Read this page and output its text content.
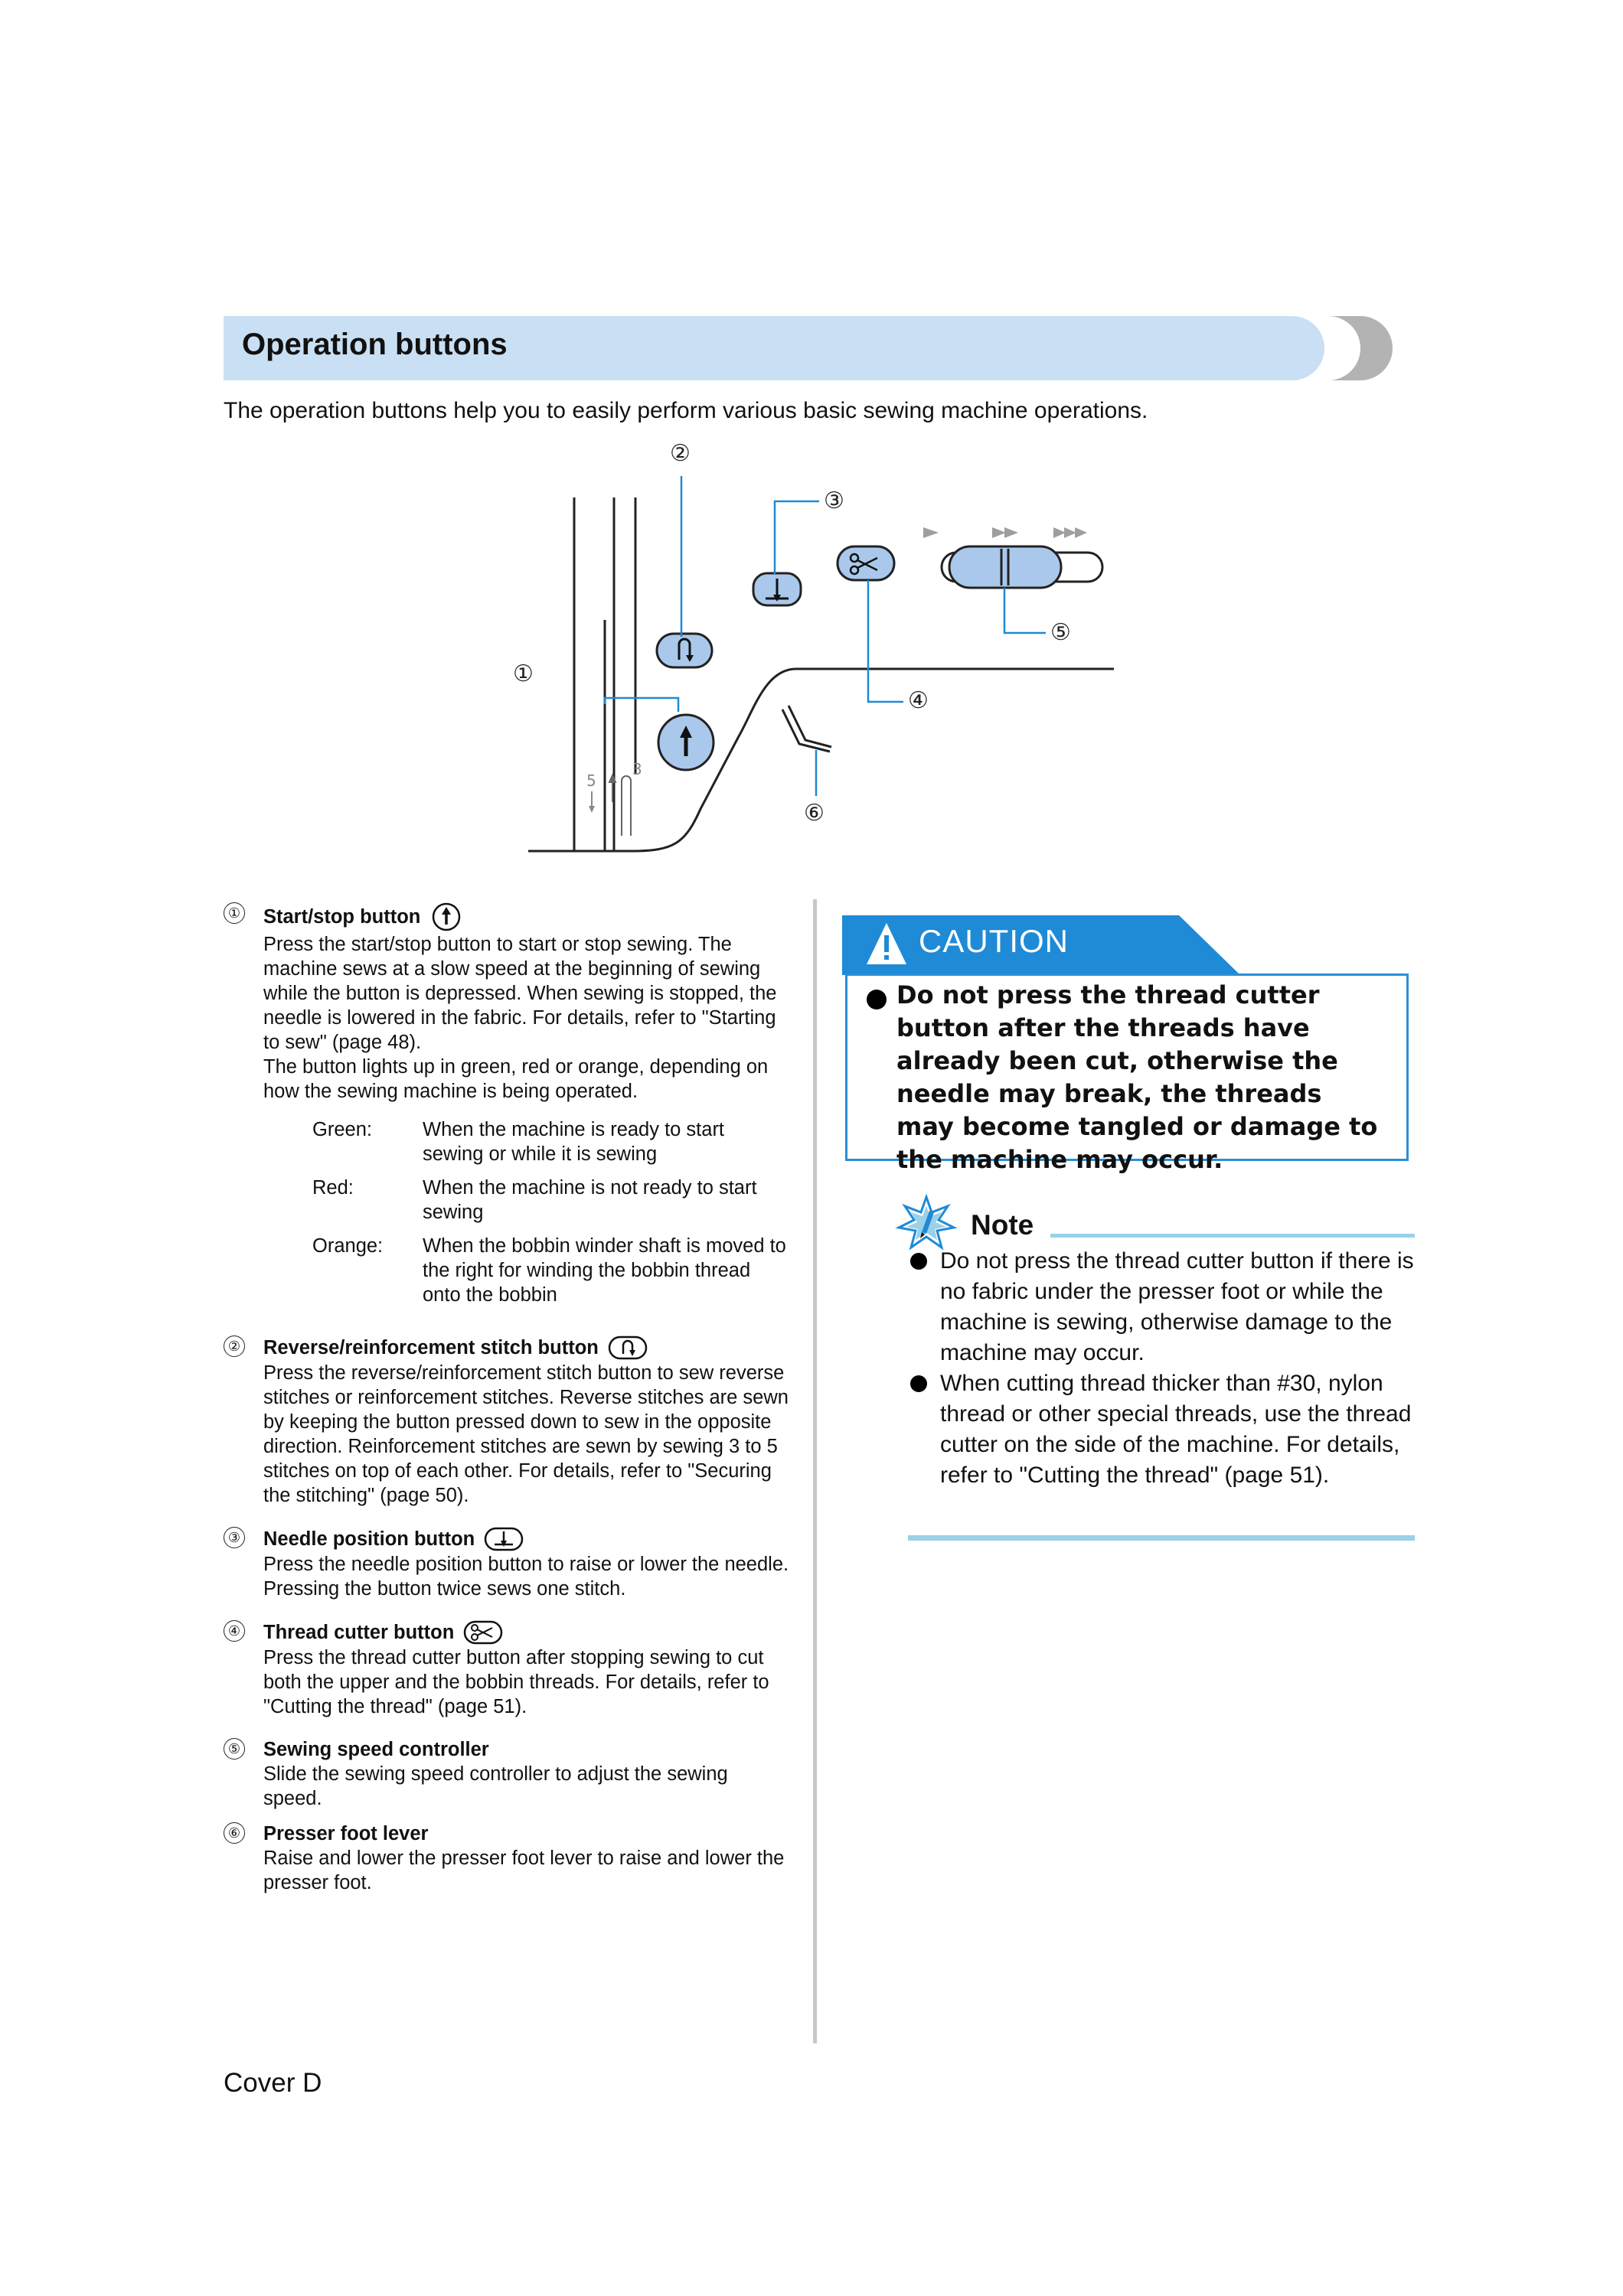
Operation buttons
The operation buttons help you to easily perform various basic sewing machine operations.
5
3
①
②
③
④
⑤
⑥
① Start/stop button

Press the start/stop button to start or stop sewing. The machine sews at a slow speed at the beginning of sewing while the button is depressed. When sewing is stopped, the needle is lowered in the fabric. For details, refer to "Starting to sew" (page 48).

The button lights up in green, red or orange, depending on how the sewing machine is being operated.

Green:	When the machine is ready to start sewing or while it is sewing
Red:	When the machine is not ready to start sewing
Orange:	When the bobbin winder shaft is moved to the right for winding the bobbin thread onto the bobbin
② Reverse/reinforcement stitch button

Press the reverse/reinforcement stitch button to sew reverse stitches or reinforcement stitches. Reverse stitches are sewn by keeping the button pressed down to sew in the opposite direction. Reinforcement stitches are sewn by sewing 3 to 5 stitches on top of each other. For details, refer to "Securing the stitching" (page 50).

③ Needle position button

Press the needle position button to raise or lower the needle. Pressing the button twice sews one stitch.

④ Thread cutter button

Press the thread cutter button after stopping sewing to cut both the upper and the bobbin threads. For details, refer to "Cutting the thread" (page 51).

⑤ Sewing speed controller

Slide the sewing speed controller to adjust the sewing speed.

⑥ Presser foot lever

Raise and lower the presser foot lever to raise and lower the presser foot.

CAUTION
Do not press the thread cutter button after the threads have already been cut, otherwise the needle may break, the threads may become tangled or damage to the machine may occur.
Note
Do not press the thread cutter button if there is no fabric under the presser foot or while the machine is sewing, otherwise damage to the machine may occur.
When cutting thread thicker than #30, nylon thread or other special threads, use the thread cutter on the side of the machine. For details, refer to "Cutting the thread" (page 51).
Cover D
